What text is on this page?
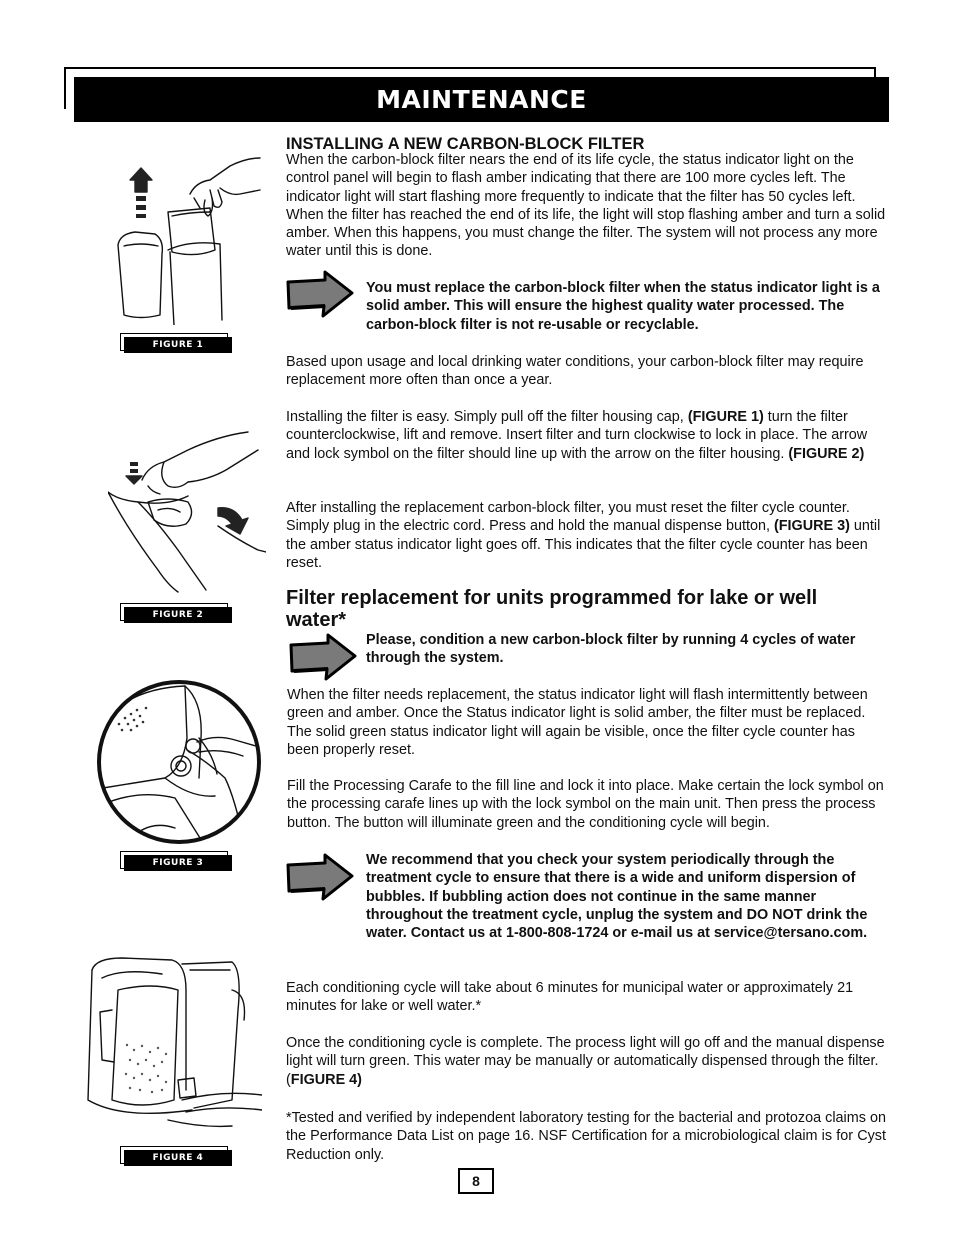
MAINTENANCE
INSTALLING A NEW CARBON-BLOCK FILTER

When the carbon-block filter nears the end of its life cycle, the status indicator light on the control panel will begin to flash amber indicating that there are 100 more cycles left. The indicator light will start flashing more frequently to indicate that the filter has 50 cycles left. When the filter has reached the end of its life, the light will stop flashing amber and turn a solid amber. When this happens, you must change the filter. The system will not process any more water until this is done.

You must replace the carbon-block filter when the status indicator light is a solid amber. This will ensure the highest quality water processed. The carbon-block filter is not re-usable or recyclable.

Based upon usage and local drinking water conditions, your carbon-block filter may require replacement more often than once a year.

Installing the filter is easy. Simply pull off the filter housing cap, (FIGURE 1) turn the filter counterclockwise, lift and remove. Insert filter and turn clockwise to lock in place. The arrow and lock symbol on the filter should line up with the arrow on the filter housing. (FIGURE 2)

After installing the replacement carbon-block filter, you must reset the filter cycle counter. Simply plug in the electric cord. Press and hold the manual dispense button, (FIGURE 3) until the amber status indicator light goes off. This indicates that the filter cycle counter has been reset.

Filter replacement for units programmed for lake or well water*

Please, condition a new carbon-block filter by running 4 cycles of water through the system.

When the filter needs replacement, the status indicator light will flash intermittently between green and amber. Once the Status indicator light is solid amber, the filter must be replaced. The solid green status indicator light will again be visible, once the filter cycle counter has been properly reset.

Fill the Processing Carafe to the fill line and lock it into place. Make certain the lock symbol on the processing carafe lines up with the lock symbol on the main unit. Then press the process button. The button will illuminate green and the conditioning cycle will begin.

We recommend that you check your system periodically through the treatment cycle to ensure that there is a wide and uniform dispersion of bubbles. If bubbling action does not continue in the same manner throughout the treatment cycle, unplug the system and DO NOT drink the water. Contact us at 1-800-808-1724 or e-mail us at service@tersano.com.

Each conditioning cycle will take about 6 minutes for municipal water or approximately 21 minutes for lake or well water.*

Once the conditioning cycle is complete. The process light will go off and the manual dispense light will turn green. This water may be manually or automatically dispensed through the filter. (FIGURE 4)

*Tested and verified by independent laboratory testing for the bacterial and protozoa claims on the Performance Data List on page 16. NSF Certification for a microbiological claim is for Cyst Reduction only.

FIGURE 1
FIGURE 2
FIGURE 3
FIGURE 4
8
